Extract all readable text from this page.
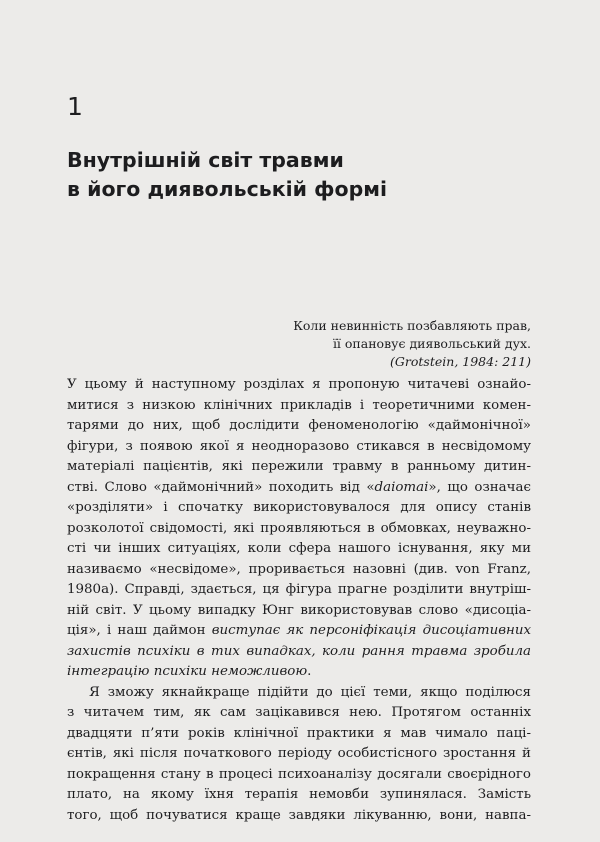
1
Внутрішній світ травми
в його диявольській формі
Коли невинність позбавляють прав,
її опановує диявольський дух.
(Grotstein, 1984: 211)
У цьому й наступному розділах я пропоную читачеві ознайо-
митися з низкою клінічних прикладів і теоретичними комен-
тарями до них, щоб дослідити феноменологію «даймонічної»
фігури, з появою якої я неодноразово стикався в несвідомому
матеріалі пацієнтів, які пережили травму в ранньому дитин-
стві. Слово «даймонічний» походить від «daiomai», що означає
«розділяти» і спочатку використовувалося для опису станів
розколотої свідомості, які проявляються в обмовках, неуважно-
сті чи інших ситуаціях, коли сфера нашого існування, яку ми
називаємо «несвідоме», проривається назовні (див. von Franz,
1980a). Справді, здається, ця фігура прагне розділити внутріш-
ній світ. У цьому випадку Юнг використовував слово «дисоціа-
ція», і наш даймон виступає як персоніфікація дисоціативних
захистів психіки в тих випадках, коли рання травма зробила
інтеграцію психіки неможливою.
Я зможу якнайкраще підійти до цієї теми, якщо поділюся
з читачем тим, як сам зацікавився нею. Протягом останніх
двадцяти п’яти років клінічної практики я мав чимало паці-
єнтів, які після початкового періоду особистісного зростання й
покращення стану в процесі психоаналізу досягали своєрідного
плато, на якому їхня терапія немовби зупинялася. Замість
того, щоб почуватися краще завдяки лікуванню, вони, навпа-
